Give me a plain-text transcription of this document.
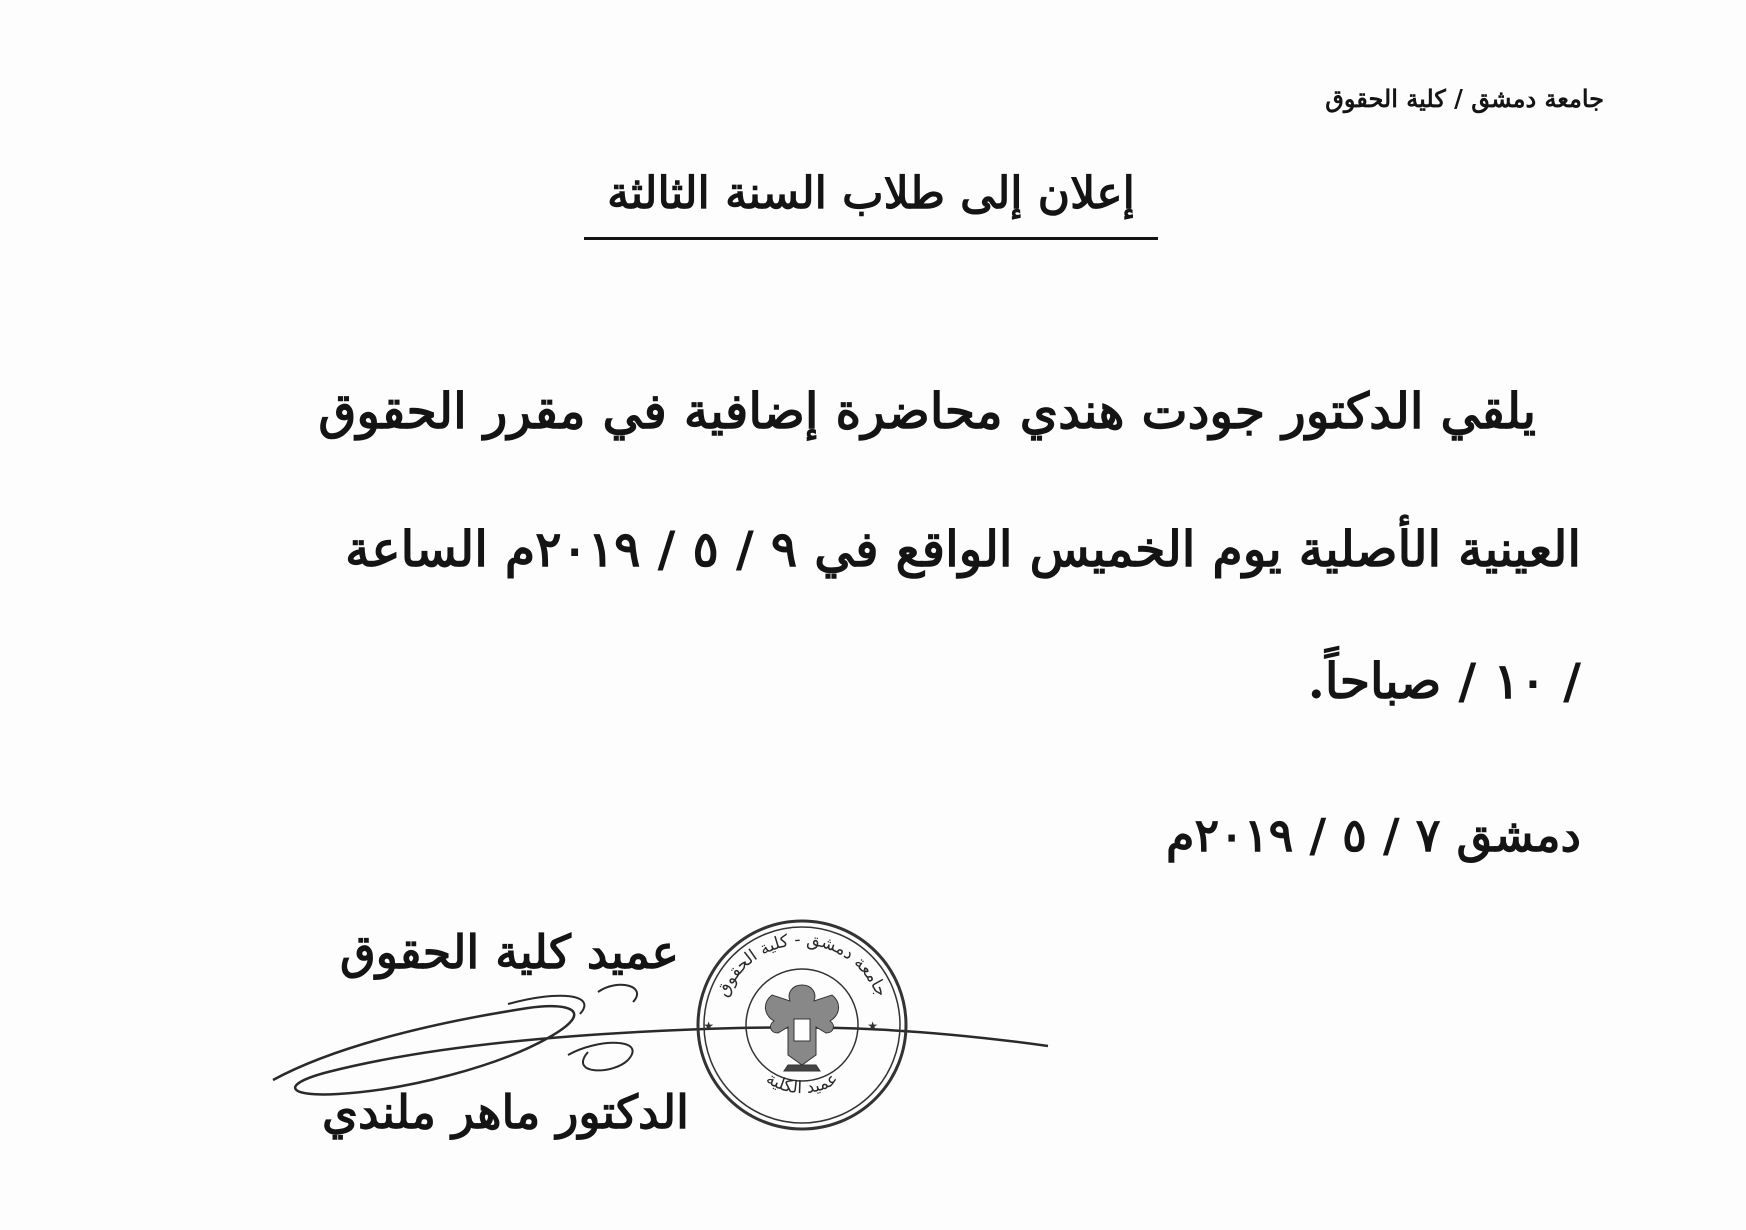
جامعة دمشق / كلية الحقوق
إعلان إلى طلاب السنة الثالثة
يلقي الدكتور جودت هندي محاضرة إضافية في مقرر الحقوق
العينية الأصلية يوم الخميس الواقع في ٩ / ٥ / ٢٠١٩م الساعة
/ ١٠ / صباحاً.
دمشق ٧ / ٥ / ٢٠١٩م
عميد كلية الحقوق
جامعة دمشق - كلية الحقوق
عميد الكلية
★	★
الدكتور ماهر ملندي
